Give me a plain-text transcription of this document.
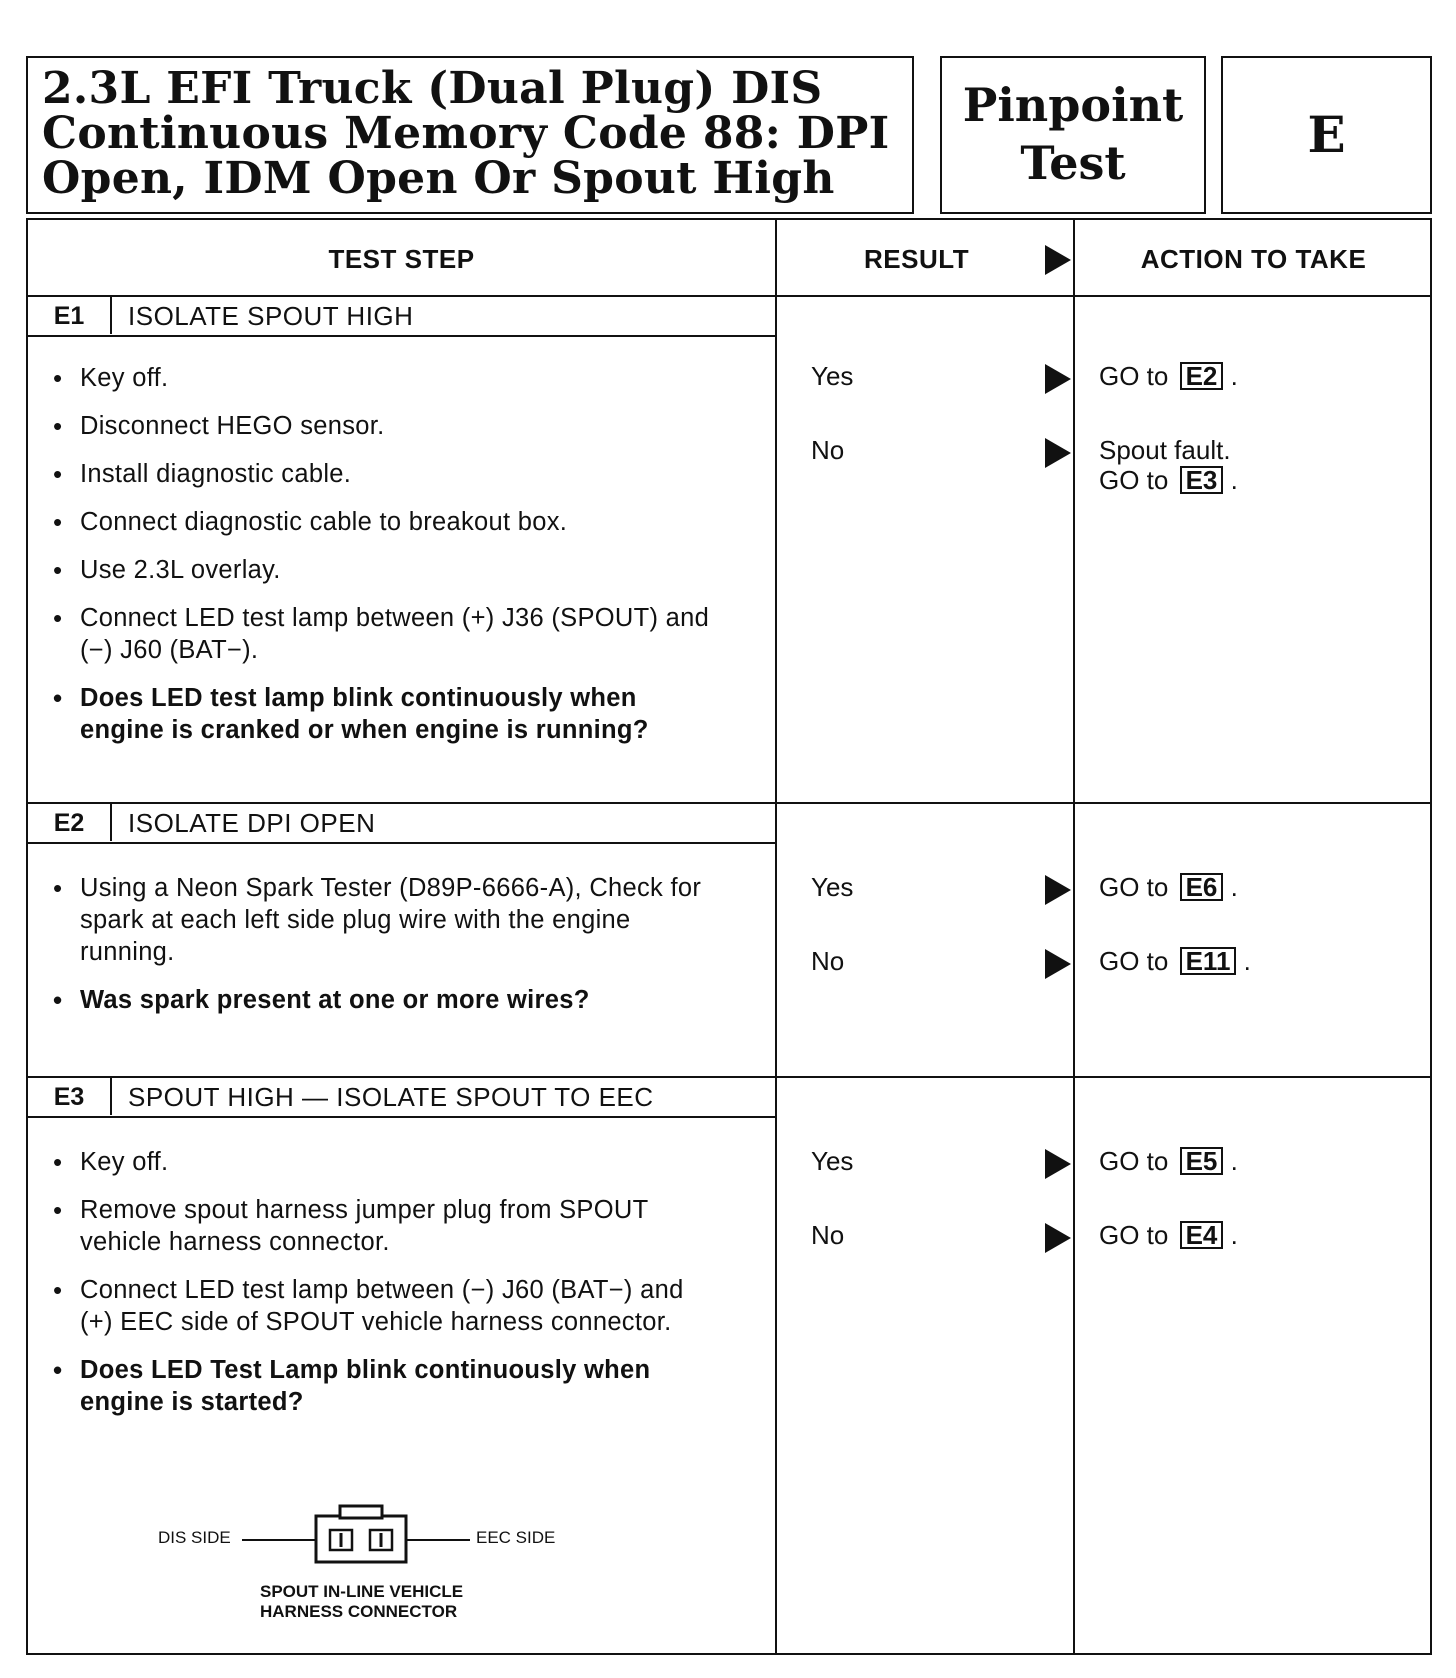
2.3L EFI Truck (Dual Plug) DIS Continuous Memory Code 88: DPI Open, IDM Open Or Spout High
Pinpoint Test	E
TEST STEP	RESULT	ACTION TO TAKE
E1	ISOLATE SPOUT HIGH
• Key off.
• Disconnect HEGO sensor.
• Install diagnostic cable.
• Connect diagnostic cable to breakout box.
• Use 2.3L overlay.
• Connect LED test lamp between (+) J36 (SPOUT) and (−) J60 (BAT−).
• Does LED test lamp blink continuously when engine is cranked or when engine is running?
Yes	GO to E2 .
No	Spout fault.
GO to E3 .
E2	ISOLATE DPI OPEN
• Using a Neon Spark Tester (D89P-6666-A), Check for spark at each left side plug wire with the engine running.
• Was spark present at one or more wires?
Yes	GO to E6 .
No	GO to E11 .
E3	SPOUT HIGH — ISOLATE SPOUT TO EEC
• Key off.
• Remove spout harness jumper plug from SPOUT vehicle harness connector.
• Connect LED test lamp between (−) J60 (BAT−) and (+) EEC side of SPOUT vehicle harness connector.
• Does LED Test Lamp blink continuously when engine is started?
Yes	GO to E5 .
No	GO to E4 .
DIS SIDE	EEC SIDE
SPOUT IN-LINE VEHICLE
HARNESS CONNECTOR
